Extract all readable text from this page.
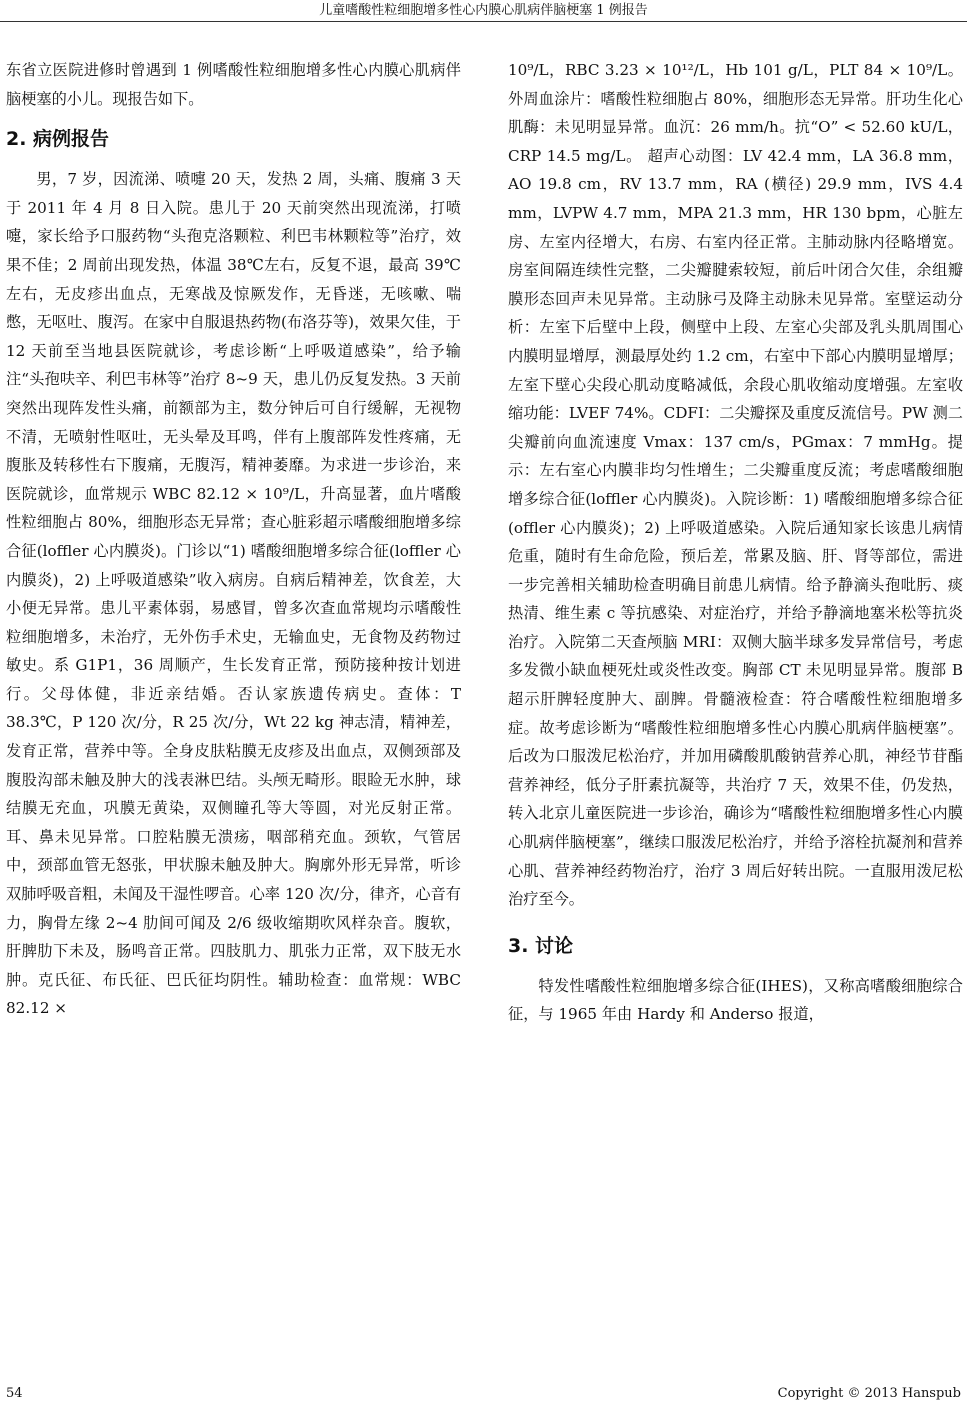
儿童嗜酸性粒细胞增多性心内膜心肌病伴脑梗塞 1 例报告

东省立医院进修时曾遇到 1 例嗜酸性粒细胞增多性心内膜心肌病伴脑梗塞的小儿。现报告如下。

2. 病例报告

男，7 岁，因流涕、喷嚏 20 天，发热 2 周，头痛、腹痛 3 天于 2011 年 4 月 8 日入院。患儿于 20 天前突然出现流涕，打喷嚏，家长给予口服药物“头孢克洛颗粒、利巴韦林颗粒等”治疗，效果不佳；2 周前出现发热，体温 38℃左右，反复不退，最高 39℃左右，无皮疹出血点，无寒战及惊厥发作，无昏迷，无咳嗽、喘憋，无呕吐、腹泻。在家中自服退热药物(布洛芬等)，效果欠佳，于 12 天前至当地县医院就诊，考虑诊断“上呼吸道感染”，给予输注“头孢呋辛、利巴韦林等”治疗 8~9 天，患儿仍反复发热。3 天前突然出现阵发性头痛，前额部为主，数分钟后可自行缓解，无视物不清，无喷射性呕吐，无头晕及耳鸣，伴有上腹部阵发性疼痛，无腹胀及转移性右下腹痛，无腹泻，精神萎靡。为求进一步诊治，来医院就诊，血常规示 WBC 82.12 × 10⁹/L，升高显著，血片嗜酸性粒细胞占 80%，细胞形态无异常；查心脏彩超示嗜酸细胞增多综合征(loffler 心内膜炎)。门诊以“1) 嗜酸细胞增多综合征(loffler 心内膜炎)，2) 上呼吸道感染”收入病房。自病后精神差，饮食差，大小便无异常。患儿平素体弱，易感冒，曾多次查血常规均示嗜酸性粒细胞增多，未治疗，无外伤手术史，无输血史，无食物及药物过敏史。系 G1P1，36 周顺产，生长发育正常，预防接种按计划进行。父母体健，非近亲结婚。否认家族遗传病史。查体：T 38.3℃，P 120 次/分，R 25 次/分，Wt 22 kg 神志清，精神差，发育正常，营养中等。全身皮肤粘膜无皮疹及出血点，双侧颈部及腹股沟部未触及肿大的浅表淋巴结。头颅无畸形。眼睑无水肿，球结膜无充血，巩膜无黄染，双侧瞳孔等大等圆，对光反射正常。耳、鼻未见异常。口腔粘膜无溃疡，咽部稍充血。颈软，气管居中，颈部血管无怒张，甲状腺未触及肿大。胸廓外形无异常，听诊双肺呼吸音粗，未闻及干湿性啰音。心率 120 次/分，律齐，心音有力，胸骨左缘 2~4 肋间可闻及 2/6 级收缩期吹风样杂音。腹软，肝脾肋下未及，肠鸣音正常。四肢肌力、肌张力正常，双下肢无水肿。克氏征、布氏征、巴氏征均阴性。辅助检查：血常规：WBC 82.12 ×

10⁹/L，RBC 3.23 × 10¹²/L，Hb 101 g/L，PLT 84 × 10⁹/L。外周血涂片：嗜酸性粒细胞占 80%，细胞形态无异常。肝功生化心肌酶：未见明显异常。血沉：26 mm/h。抗“O” < 52.60 kU/L，CRP 14.5 mg/L。 超声心动图：LV 42.4 mm，LA 36.8 mm，AO 19.8 cm，RV 13.7 mm，RA (横径) 29.9 mm，IVS 4.4 mm，LVPW 4.7 mm，MPA 21.3 mm，HR 130 bpm，心脏左房、左室内径增大，右房、右室内径正常。主肺动脉内径略增宽。房室间隔连续性完整，二尖瓣腱索较短，前后叶闭合欠佳，余组瓣膜形态回声未见异常。主动脉弓及降主动脉未见异常。室壁运动分析：左室下后壁中上段，侧壁中上段、左室心尖部及乳头肌周围心内膜明显增厚，测最厚处约 1.2 cm，右室中下部心内膜明显增厚；左室下壁心尖段心肌动度略减低，余段心肌收缩动度增强。左室收缩功能：LVEF 74%。CDFI：二尖瓣探及重度反流信号。PW 测二尖瓣前向血流速度 Vmax：137 cm/s，PGmax：7 mmHg。提示：左右室心内膜非均匀性增生；二尖瓣重度反流；考虑嗜酸细胞增多综合征(loffler 心内膜炎)。入院诊断：1) 嗜酸细胞增多综合征(offler 心内膜炎)；2) 上呼吸道感染。入院后通知家长该患儿病情危重，随时有生命危险，预后差，常累及脑、肝、肾等部位，需进一步完善相关辅助检查明确目前患儿病情。给予静滴头孢吡肟、痰热清、维生素 c 等抗感染、对症治疗，并给予静滴地塞米松等抗炎治疗。入院第二天查颅脑 MRI：双侧大脑半球多发异常信号，考虑多发微小缺血梗死灶或炎性改变。胸部 CT 未见明显异常。腹部 B 超示肝脾轻度肿大、副脾。骨髓液检查：符合嗜酸性粒细胞增多症。故考虑诊断为“嗜酸性粒细胞增多性心内膜心肌病伴脑梗塞”。后改为口服泼尼松治疗，并加用磷酸肌酸钠营养心肌，神经节苷酯营养神经，低分子肝素抗凝等，共治疗 7 天，效果不佳，仍发热，转入北京儿童医院进一步诊治，确诊为“嗜酸性粒细胞增多性心内膜心肌病伴脑梗塞”，继续口服泼尼松治疗，并给予溶栓抗凝剂和营养心肌、营养神经药物治疗，治疗 3 周后好转出院。一直服用泼尼松治疗至今。

3. 讨论

特发性嗜酸性粒细胞增多综合征(IHES)，又称高嗜酸细胞综合征，与 1965 年由 Hardy 和 Anderso 报道，

54	Copyright © 2013 Hanspub
